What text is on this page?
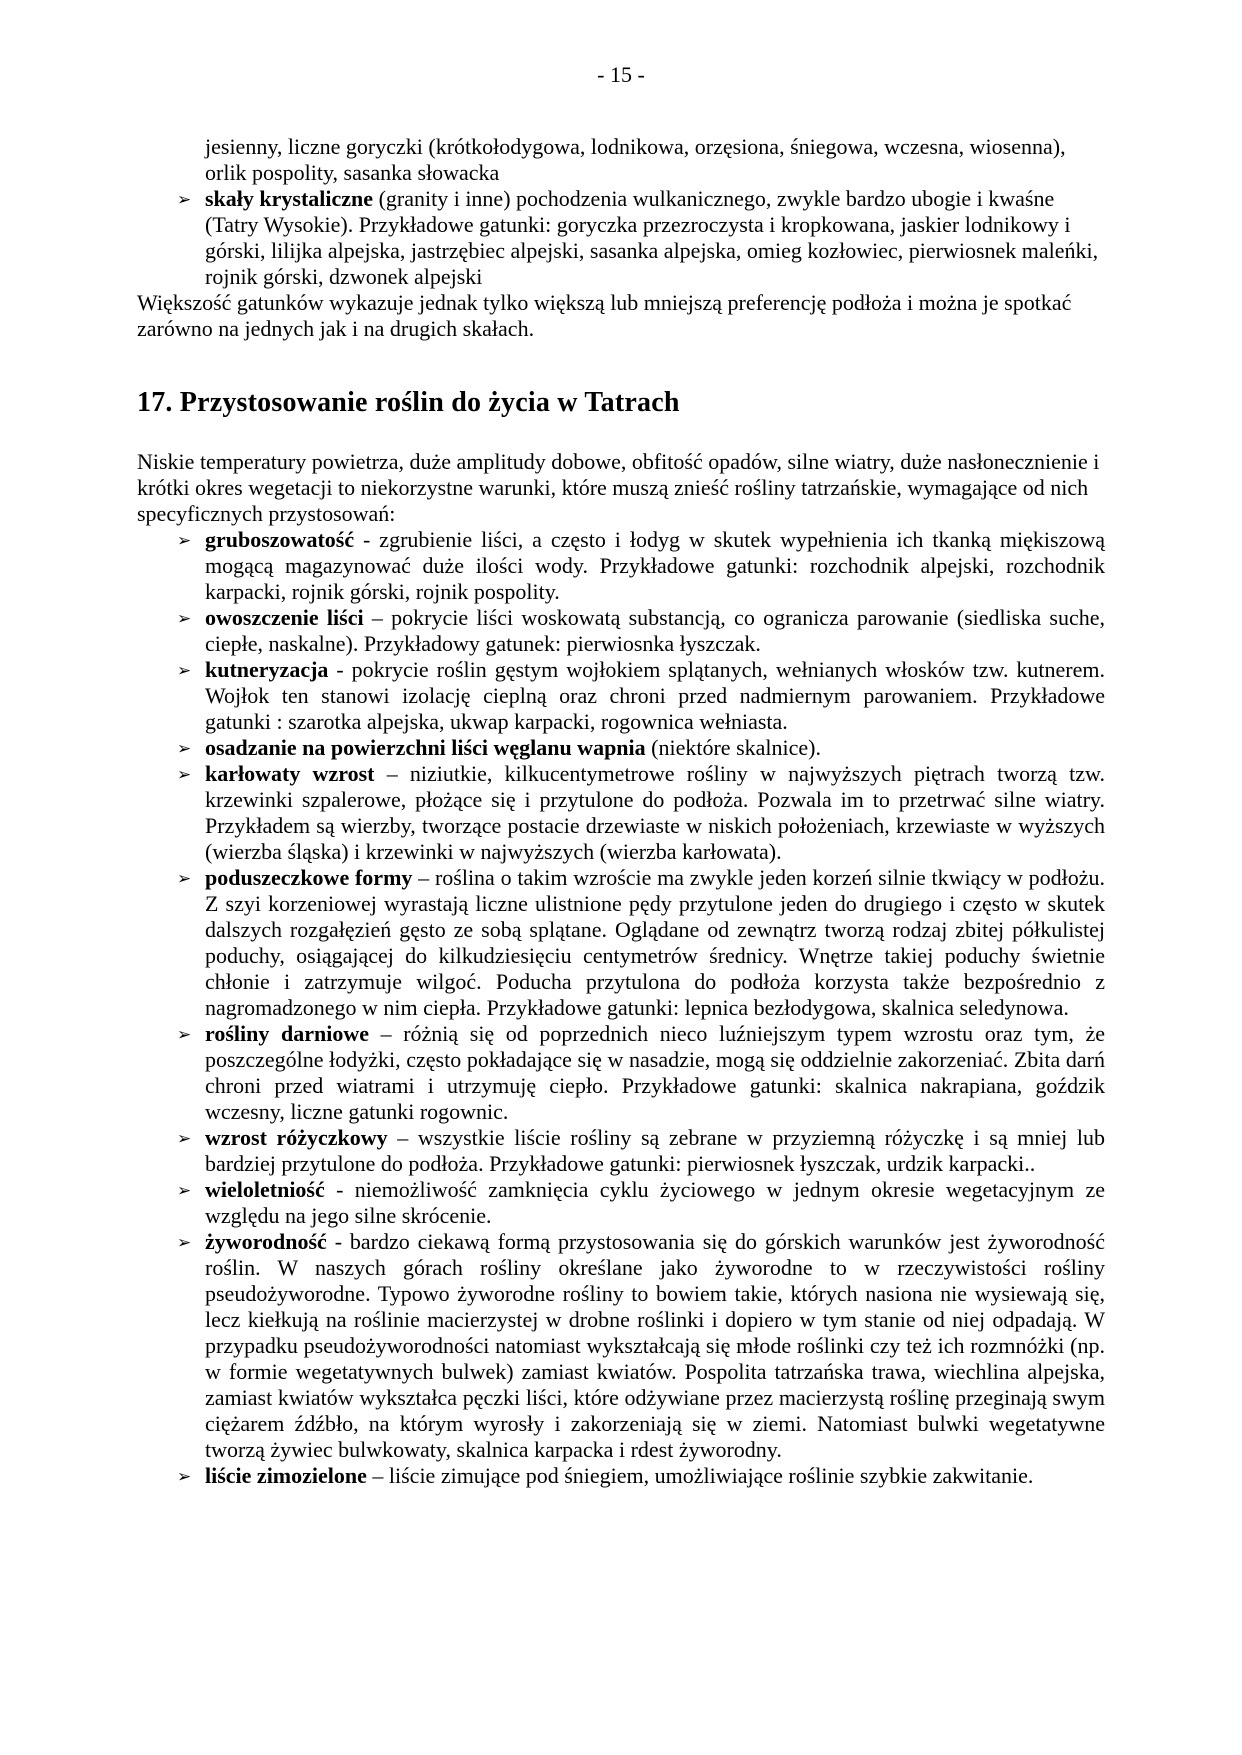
- 15 -
jesienny, liczne goryczki (krótkołodygowa, lodnikowa, orzęsiona, śniegowa, wczesna, wiosenna), orlik pospolity, sasanka słowacka
➢ skały krystaliczne (granity i inne) pochodzenia wulkanicznego, zwykle bardzo ubogie i kwaśne (Tatry Wysokie). Przykładowe gatunki: goryczka przezroczysta i kropkowana, jaskier lodnikowy i górski, lilijka alpejska, jastrzębiec alpejski, sasanka alpejska, omieg kozłowiec, pierwiosnek maleńki, rojnik górski, dzwonek alpejski

Większość gatunków wykazuje jednak tylko większą lub mniejszą preferencję podłoża i można je spotkać zarówno na jednych jak i na drugich skałach.

17. Przystosowanie roślin do życia w Tatrach

Niskie temperatury powietrza, duże amplitudy dobowe, obfitość opadów, silne wiatry, duże nasłonecznienie i krótki okres wegetacji to niekorzystne warunki, które muszą znieść rośliny tatrzańskie, wymagające od nich specyficznych przystosowań:

➢ gruboszowatość - zgrubienie liści, a często i łodyg w skutek wypełnienia ich tkanką miękiszową mogącą magazynować duże ilości wody. Przykładowe gatunki: rozchodnik alpejski, rozchodnik karpacki, rojnik górski, rojnik pospolity.
➢ owoszczenie liści – pokrycie liści woskowatą substancją, co ogranicza parowanie (siedliska suche, ciepłe, naskalne). Przykładowy gatunek: pierwiosnka łyszczak.
➢ kutneryzacja - pokrycie roślin gęstym wojłokiem splątanych, wełnianych włosków tzw. kutnerem. Wojłok ten stanowi izolację cieplną oraz chroni przed nadmiernym parowaniem. Przykładowe gatunki : szarotka alpejska, ukwap karpacki, rogownica wełniasta.
➢ osadzanie na powierzchni liści węglanu wapnia (niektóre skalnice).
➢ karłowaty wzrost – niziutkie, kilkucentymetrowe rośliny w najwyższych piętrach tworzą tzw. krzewinki szpalerowe, płożące się i przytulone do podłoża. Pozwala im to przetrwać silne wiatry. Przykładem są wierzby, tworzące postacie drzewiaste w niskich położeniach, krzewiaste w wyższych (wierzba śląska) i krzewinki w najwyższych (wierzba karłowata).
➢ poduszeczkowe formy – roślina o takim wzroście ma zwykle jeden korzeń silnie tkwiący w podłożu. Z szyi korzeniowej wyrastają liczne ulistnione pędy przytulone jeden do drugiego i często w skutek dalszych rozgałęzień gęsto ze sobą splątane. Oglądane od zewnątrz tworzą rodzaj zbitej półkulistej poduchy, osiągającej do kilkudziesięciu centymetrów średnicy. Wnętrze takiej poduchy świetnie chłonie i zatrzymuje wilgoć. Poducha przytulona do podłoża korzysta także bezpośrednio z nagromadzonego w nim ciepła. Przykładowe gatunki: lepnica bezłodygowa, skalnica seledynowa.
➢ rośliny darniowe – różnią się od poprzednich nieco luźniejszym typem wzrostu oraz tym, że poszczególne łodyżki, często pokładające się w nasadzie, mogą się oddzielnie zakorzeniać. Zbita darń chroni przed wiatrami i utrzymuję ciepło. Przykładowe gatunki: skalnica nakrapiana, goździk wczesny, liczne gatunki rogownic.
➢ wzrost różyczkowy – wszystkie liście rośliny są zebrane w przyziemną różyczkę i są mniej lub bardziej przytulone do podłoża. Przykładowe gatunki: pierwiosnek łyszczak, urdzik karpacki..
➢ wieloletniość - niemożliwość zamknięcia cyklu życiowego w jednym okresie wegetacyjnym ze względu na jego silne skrócenie.
➢ żyworodność - bardzo ciekawą formą przystosowania się do górskich warunków jest żyworodność roślin. W naszych górach rośliny określane jako żyworodne to w rzeczywistości rośliny pseudożyworodne. Typowo żyworodne rośliny to bowiem takie, których nasiona nie wysiewają się, lecz kiełkują na roślinie macierzystej w drobne roślinki i dopiero w tym stanie od niej odpadają. W przypadku pseudożyworodności natomiast wykształcają się młode roślinki czy też ich rozmnóżki (np. w formie wegetatywnych bulwek) zamiast kwiatów. Pospolita tatrzańska trawa, wiechlina alpejska, zamiast kwiatów wykształca pęczki liści, które odżywiane przez macierzystą roślinę przeginają swym ciężarem źdźbło, na którym wyrosły i zakorzeniają się w ziemi. Natomiast bulwki wegetatywne tworzą żywiec bulwkowaty, skalnica karpacka i rdest żyworodny.
➢ liście zimozielone – liście zimujące pod śniegiem, umożliwiające roślinie szybkie zakwitanie.
